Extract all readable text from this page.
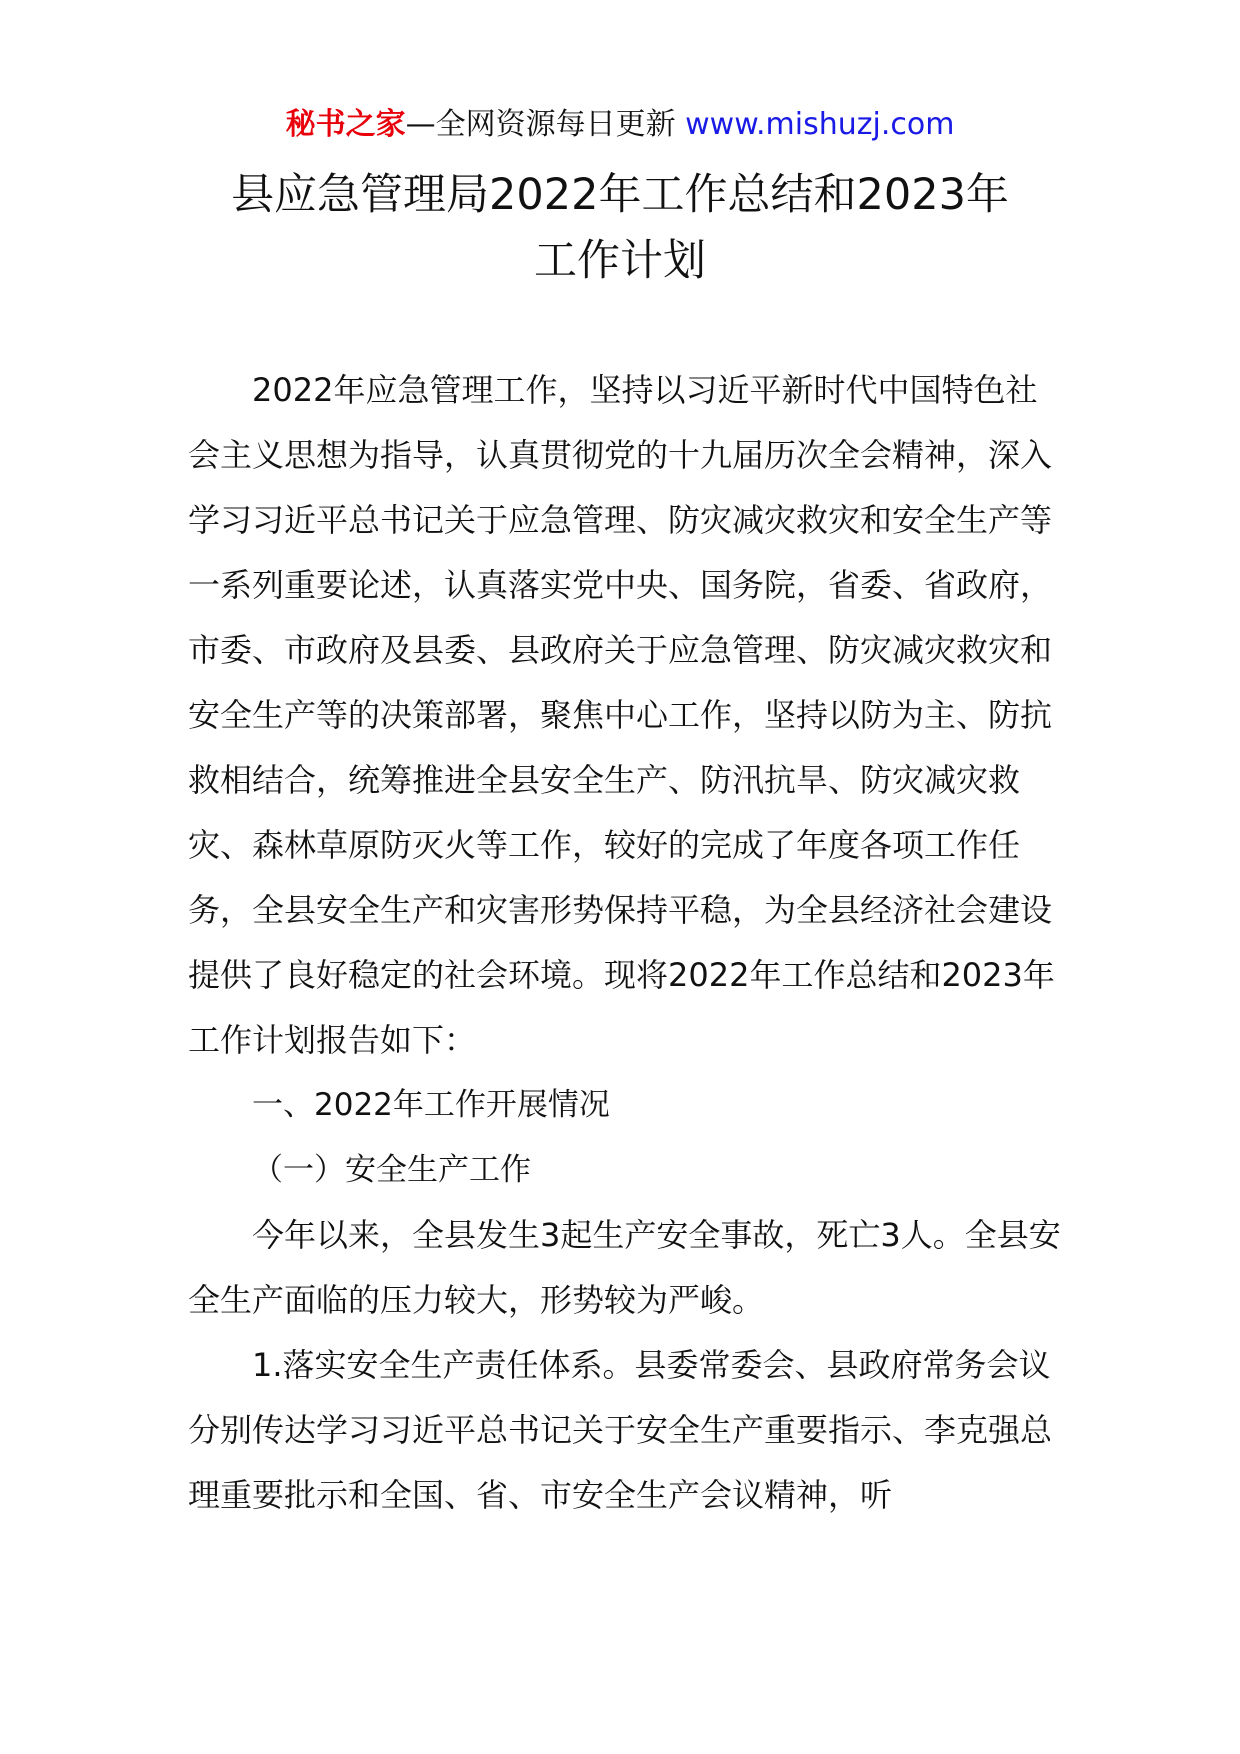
秘书之家—全网资源每日更新 www.mishuzj.com
县应急管理局2022年工作总结和2023年
工作计划

2022年应急管理工作，坚持以习近平新时代中国特色社会主义思想为指导，认真贯彻党的十九届历次全会精神，深入学习习近平总书记关于应急管理、防灾减灾救灾和安全生产等一系列重要论述，认真落实党中央、国务院，省委、省政府，市委、市政府及县委、县政府关于应急管理、防灾减灾救灾和安全生产等的决策部署，聚焦中心工作，坚持以防为主、防抗救相结合，统筹推进全县安全生产、防汛抗旱、防灾减灾救灾、森林草原防灭火等工作，较好的完成了年度各项工作任务，全县安全生产和灾害形势保持平稳，为全县经济社会建设提供了良好稳定的社会环境。现将2022年工作总结和2023年工作计划报告如下：

一、2022年工作开展情况

（一）安全生产工作

今年以来，全县发生3起生产安全事故，死亡3人。全县安全生产面临的压力较大，形势较为严峻。

1.落实安全生产责任体系。县委常委会、县政府常务会议分别传达学习习近平总书记关于安全生产重要指示、李克强总理重要批示和全国、省、市安全生产会议精神，听
